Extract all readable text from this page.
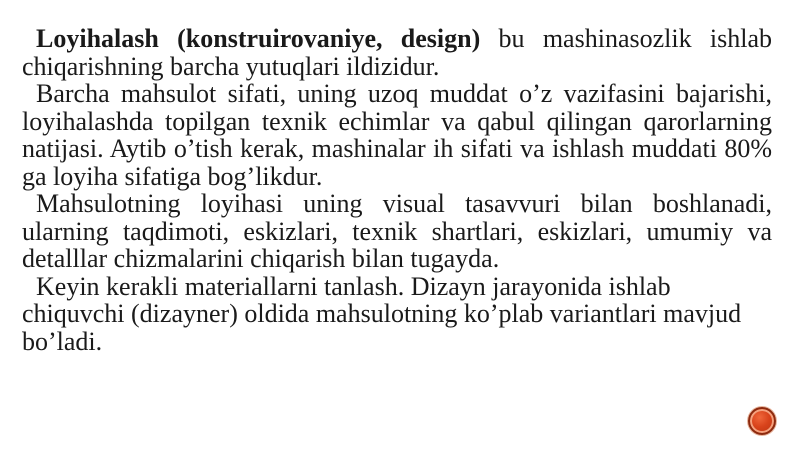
Loyihalash (konstruirovaniye, design) bu mashinasozlik ishlab chiqarishning barcha yutuqlari ildizidur.

Barcha mahsulot sifati, uning uzoq muddat o’z vazifasini bajarishi, loyihalashda topilgan texnik echimlar va qabul qilingan qarorlarning natijasi. Aytib o’tish kerak, mashinalar ih sifati va ishlash muddati 80% ga loyiha sifatiga bog’likdur.

Mahsulotning loyihasi uning visual tasavvuri bilan boshlanadi, ularning taqdimoti, eskizlari, texnik shartlari, eskizlari, umumiy va detalllar chizmalarini chiqarish bilan tugayda.

Keyin kerakli materiallarni tanlash. Dizayn jarayonida ishlab chiquvchi (dizayner) oldida mahsulotning ko’plab variantlari mavjud bo’ladi.
